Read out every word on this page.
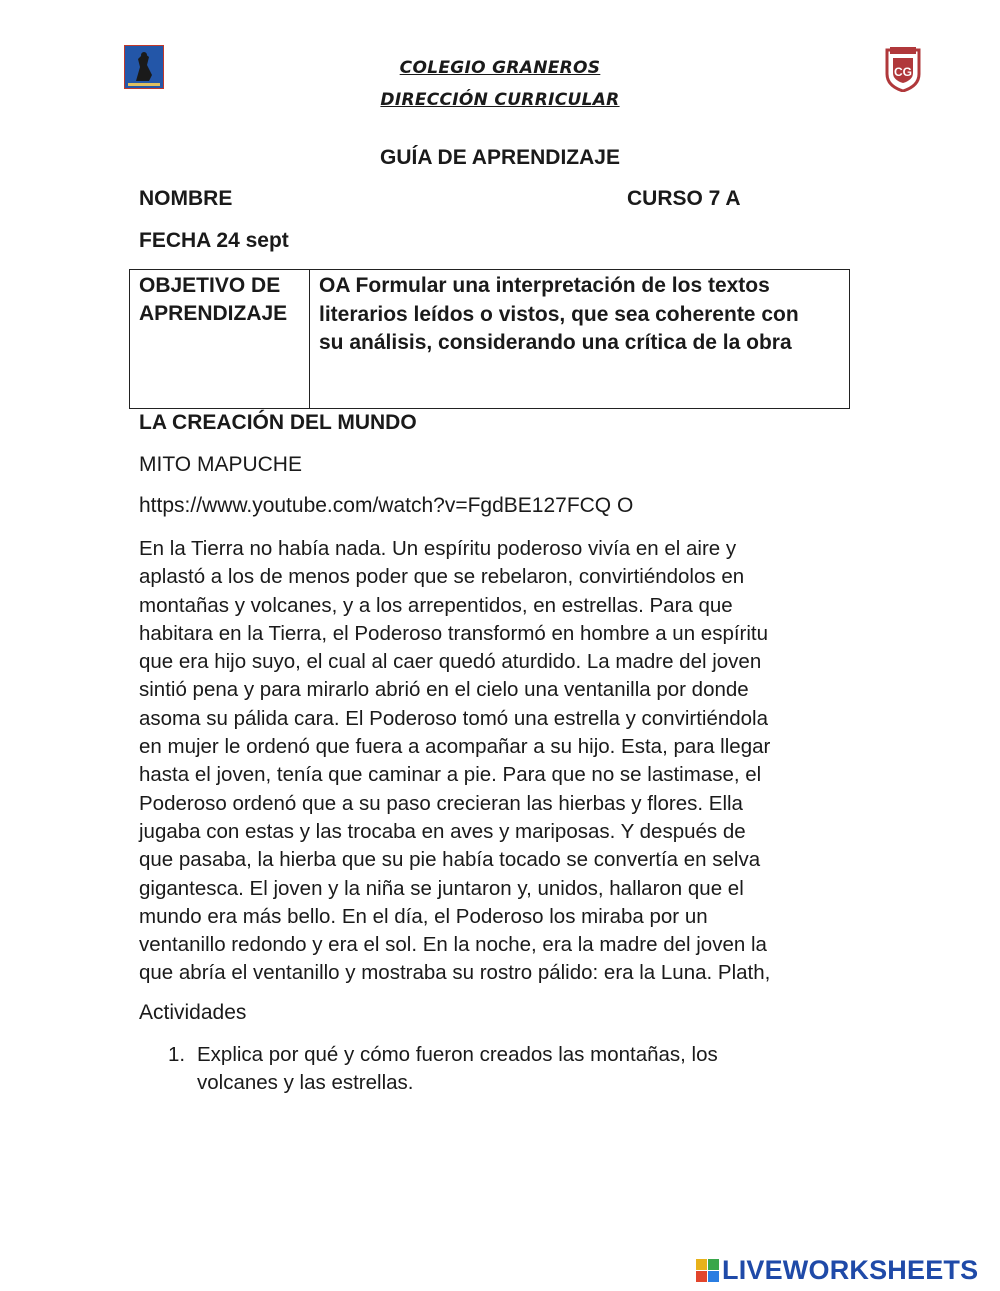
CG
COLEGIO GRANEROS
DIRECCIÓN CURRICULAR
GUÍA DE APRENDIZAJE
NOMBRE	CURSO 7 A
FECHA 24 sept
OBJETIVO DE
APRENDIZAJE
OA Formular una interpretación de los textos
literarios leídos o vistos, que sea coherente con
su análisis, considerando una crítica de la obra
LA CREACIÓN DEL MUNDO
MITO MAPUCHE
https://www.youtube.com/watch?v=FgdBE127FCQ O
En la Tierra no había nada. Un espíritu poderoso vivía en el aire y
aplastó a los de menos poder que se rebelaron, convirtiéndolos en
montañas y volcanes, y a los arrepentidos, en estrellas. Para que
habitara en la Tierra, el Poderoso transformó en hombre a un espíritu
que era hijo suyo, el cual al caer quedó aturdido. La madre del joven
sintió pena y para mirarlo abrió en el cielo una ventanilla por donde
asoma su pálida cara. El Poderoso tomó una estrella y convirtiéndola
en mujer le ordenó que fuera a acompañar a su hijo. Esta, para llegar
hasta el joven, tenía que caminar a pie. Para que no se lastimase, el
Poderoso ordenó que a su paso crecieran las hierbas y flores. Ella
jugaba con estas y las trocaba en aves y mariposas. Y después de
que pasaba, la hierba que su pie había tocado se convertía en selva
gigantesca. El joven y la niña se juntaron y, unidos, hallaron que el
mundo era más bello. En el día, el Poderoso los miraba por un
ventanillo redondo y era el sol. En la noche, era la madre del joven la
que abría el ventanillo y mostraba su rostro pálido: era la Luna. Plath,
Actividades
1. Explica por qué y cómo fueron creados las montañas, los
volcanes y las estrellas.
LIVEWORKSHEETS
